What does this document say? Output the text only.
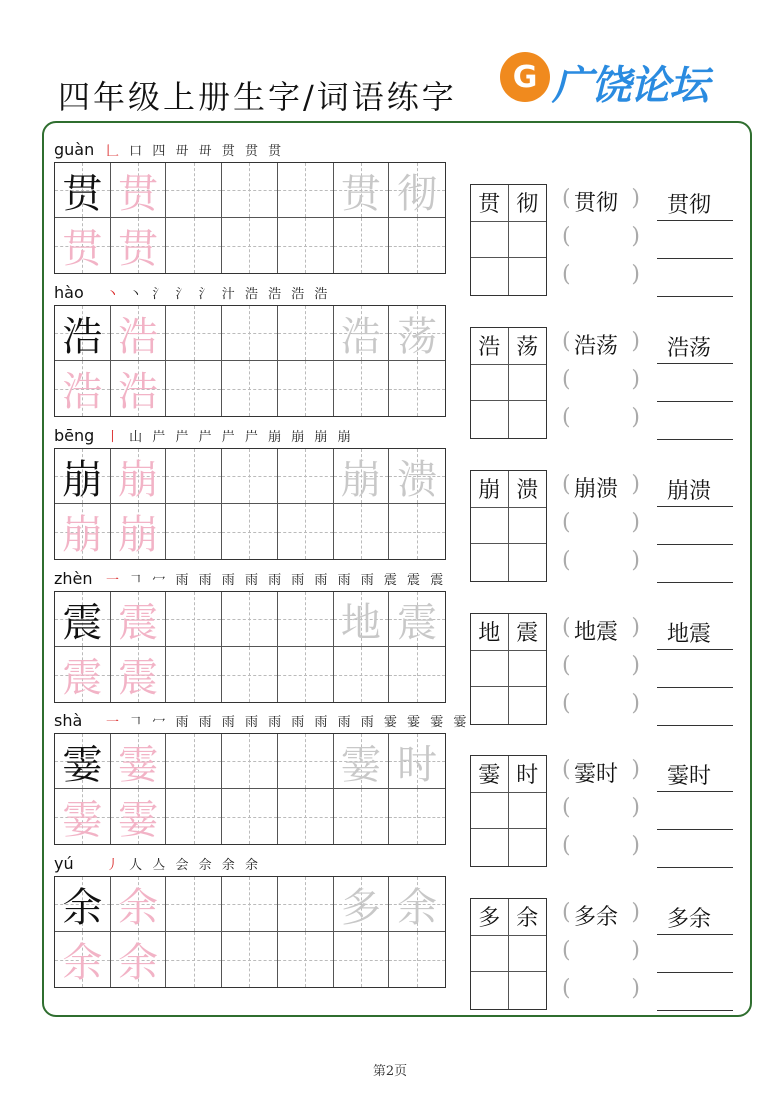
四年级上册生字/词语练字
G 广饶论坛
guàn 𠃊 口 四 毌 毌 贯 贯 贯
贯 贯	贯 彻
贯 贯
贯 彻	( 贯彻 )
(	)
(	)
贯彻
hào 丶 丶 氵 氵 氵 汁 浩 浩 浩 浩
浩 浩	浩 荡
浩 浩
浩 荡	( 浩荡 )
(	)
(	)
浩荡
bēng 丨 山 屵 屵 屵 屵 屵 崩 崩 崩 崩
崩 崩	崩 溃
崩 崩
崩 溃	( 崩溃 )
(	)
(	)
崩溃
zhèn 一 𠃍 冖 雨 雨 雨 雨 雨 雨 雨 雨 雨 震 震 震
震 震	地 震
震 震
地 震	( 地震 )
(	)
(	)
地震
shà 一 𠃍 冖 雨 雨 雨 雨 雨 雨 雨 雨 雨 霎 霎 霎 霎
霎 霎	霎 时
霎 霎
霎 时	( 霎时 )
(	)
(	)
霎时
yú 丿 人 亼 会 佘 余 余
余 余	多 余
余 余
多 余	( 多余 )
(	)
(	)
多余
第2页
